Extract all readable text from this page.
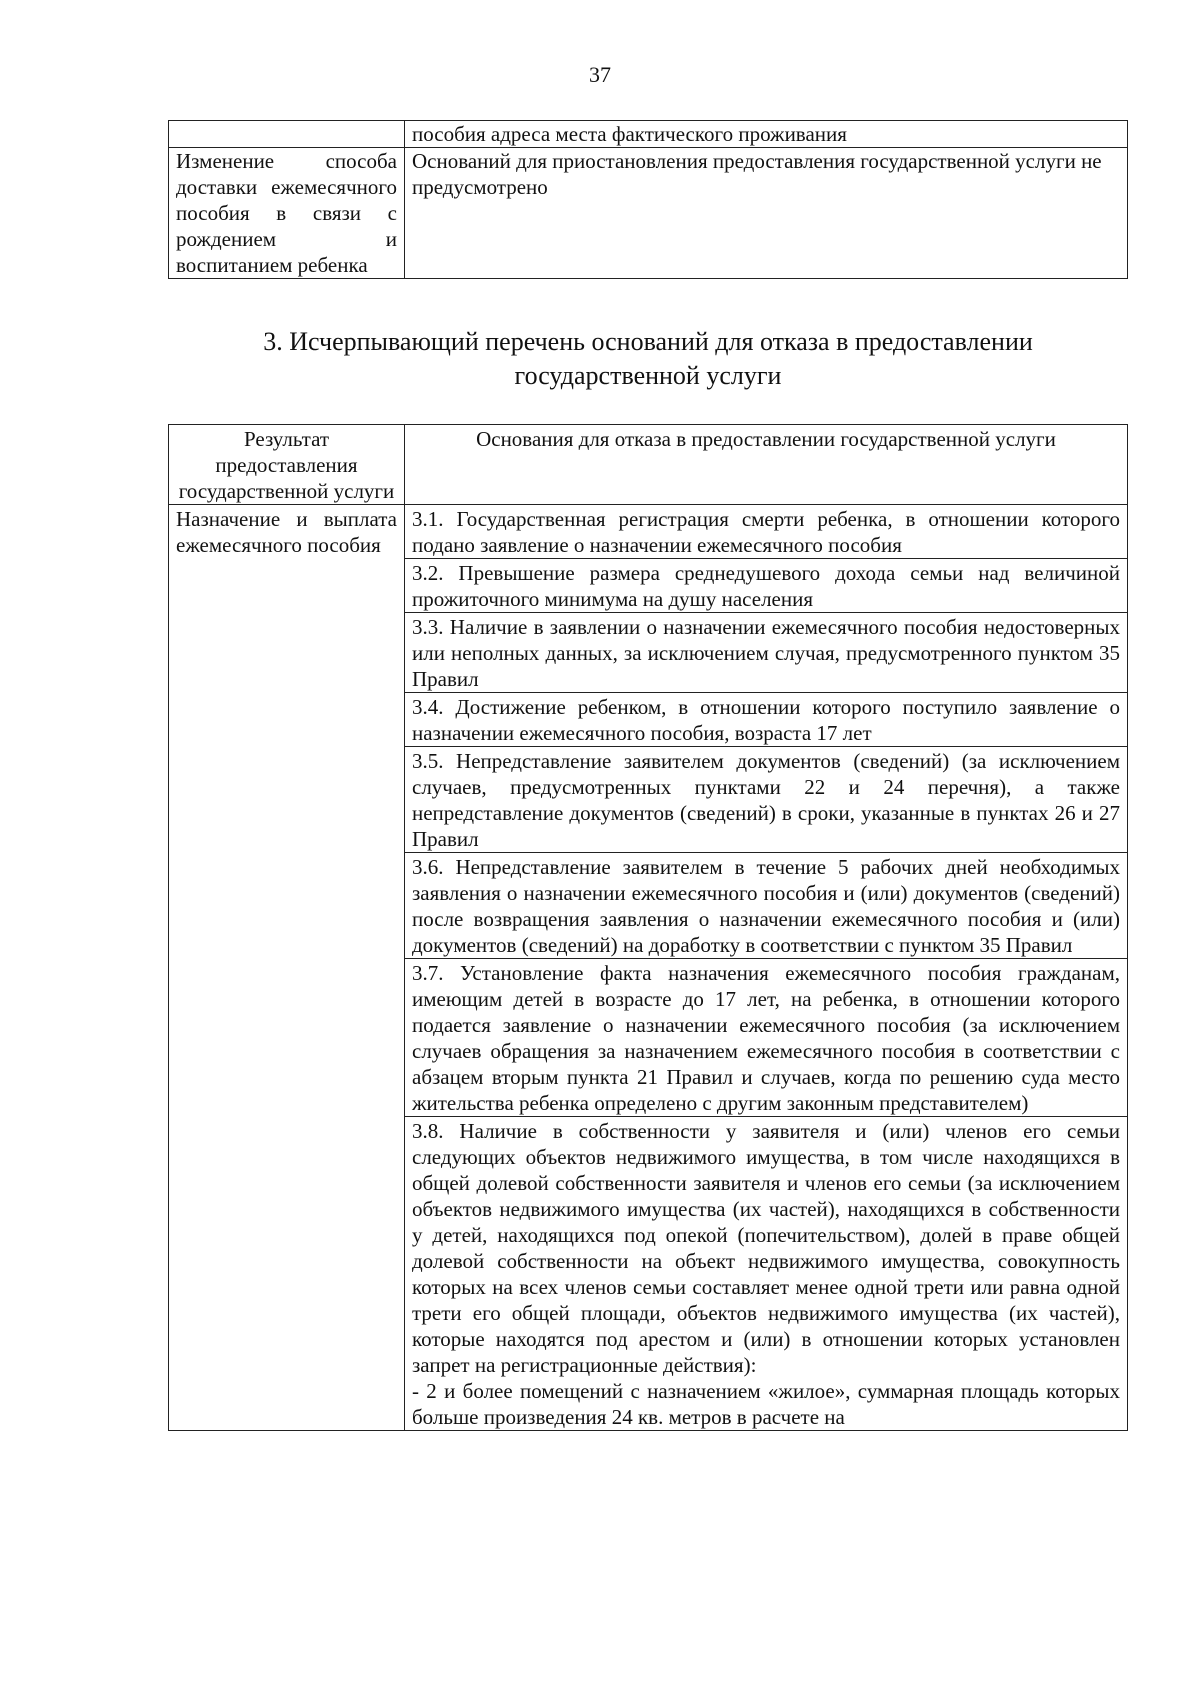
37
	пособия адреса места фактического проживания
Изменение способа доставки ежемесячного пособия в связи с рождением и воспитанием ребенка	Оснований для приостановления предоставления государственной услуги не предусмотрено
3. Исчерпывающий перечень оснований для отказа в предоставлении государственной услуги
Результат предоставления государственной услуги	Основания для отказа в предоставлении государственной услуги
Назначение и выплата ежемесячного пособия	3.1. Государственная регистрация смерти ребенка, в отношении которого подано заявление о назначении ежемесячного пособия
	3.2. Превышение размера среднедушевого дохода семьи над величиной прожиточного минимума на душу населения
	3.3. Наличие в заявлении о назначении ежемесячного пособия недостоверных или неполных данных, за исключением случая, предусмотренного пунктом 35 Правил
	3.4. Достижение ребенком, в отношении которого поступило заявление о назначении ежемесячного пособия, возраста 17 лет
	3.5. Непредставление заявителем документов (сведений) (за исключением случаев, предусмотренных пунктами 22 и 24 перечня), а также непредставление документов (сведений) в сроки, указанные в пунктах 26 и 27 Правил
	3.6. Непредставление заявителем в течение 5 рабочих дней необходимых заявления о назначении ежемесячного пособия и (или) документов (сведений) после возвращения заявления о назначении ежемесячного пособия и (или) документов (сведений) на доработку в соответствии с пунктом 35 Правил
	3.7. Установление факта назначения ежемесячного пособия гражданам, имеющим детей в возрасте до 17 лет, на ребенка, в отношении которого подается заявление о назначении ежемесячного пособия (за исключением случаев обращения за назначением ежемесячного пособия в соответствии с абзацем вторым пункта 21 Правил и случаев, когда по решению суда место жительства ребенка определено с другим законным представителем)

	3.8. Наличие в собственности у заявителя и (или) членов его семьи следующих объектов недвижимого имущества, в том числе находящихся в общей долевой собственности заявителя и членов его семьи (за исключением объектов недвижимого имущества (их частей), находящихся в собственности у детей, находящихся под опекой (попечительством), долей в праве общей долевой собственности на объект недвижимого имущества, совокупность которых на всех членов семьи составляет менее одной трети или равна одной трети его общей площади, объектов недвижимого имущества (их частей), которые находятся под арестом и (или) в отношении которых установлен запрет на регистрационные действия):

- 2 и более помещений с назначением «жилое», суммарная площадь которых больше произведения 24 кв. метров в расчете на
